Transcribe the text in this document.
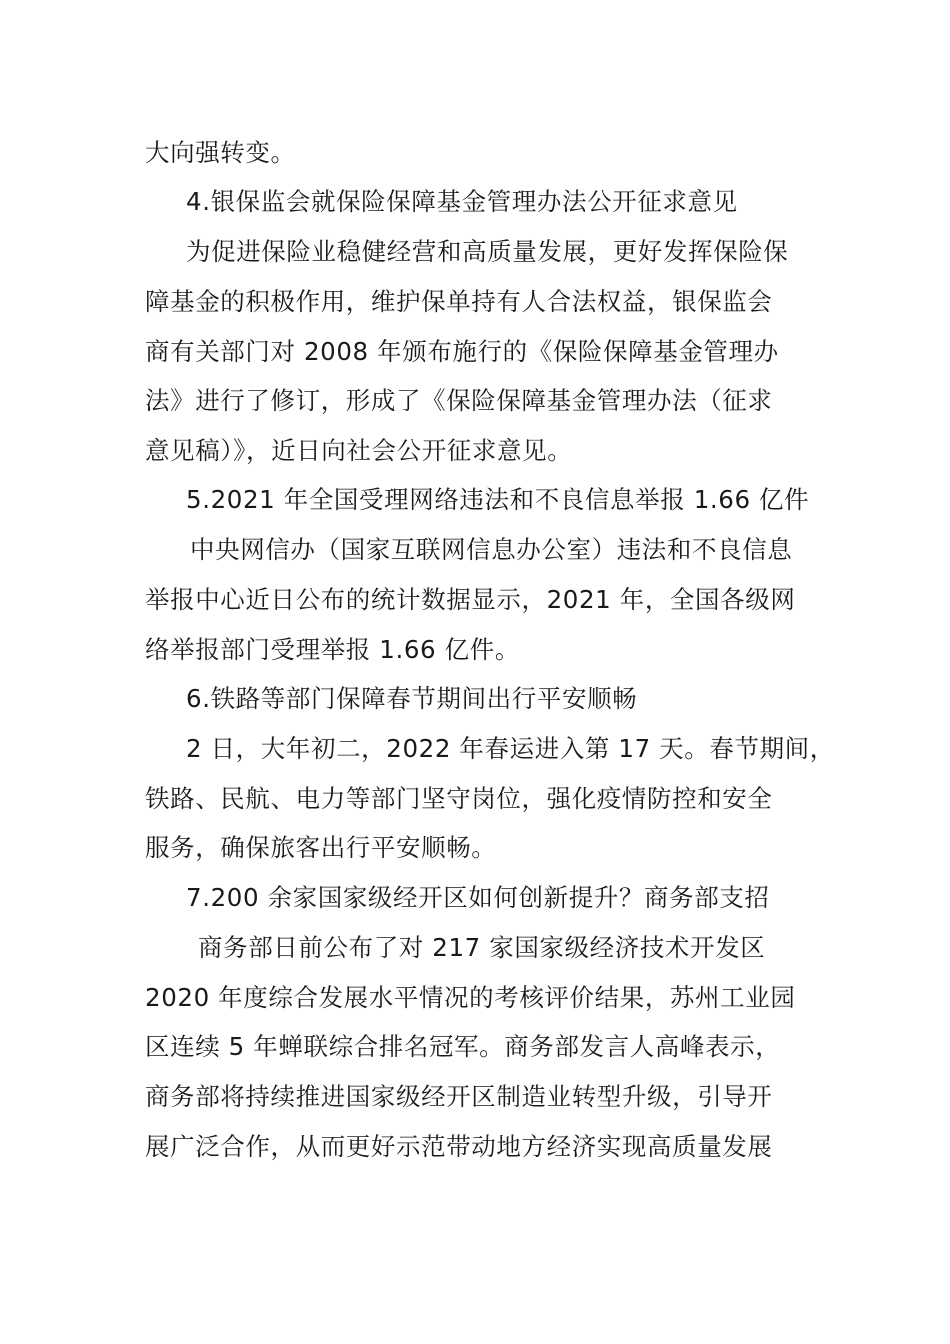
大向强转变。
4.银保监会就保险保障基金管理办法公开征求意见
为促进保险业稳健经营和高质量发展，更好发挥保险保
障基金的积极作用，维护保单持有人合法权益，银保监会
商有关部门对 2008 年颁布施行的《保险保障基金管理办
法》进行了修订，形成了《保险保障基金管理办法（征求
意见稿）》，近日向社会公开征求意见。
5.2021 年全国受理网络违法和不良信息举报 1.66 亿件
中央网信办（国家互联网信息办公室）违法和不良信息
举报中心近日公布的统计数据显示，2021 年，全国各级网
络举报部门受理举报 1.66 亿件。
6.铁路等部门保障春节期间出行平安顺畅
2 日，大年初二，2022 年春运进入第 17 天。春节期间，
铁路、民航、电力等部门坚守岗位，强化疫情防控和安全
服务，确保旅客出行平安顺畅。
7.200 余家国家级经开区如何创新提升？商务部支招
商务部日前公布了对 217 家国家级经济技术开发区
2020 年度综合发展水平情况的考核评价结果，苏州工业园
区连续 5 年蝉联综合排名冠军。商务部发言人高峰表示，
商务部将持续推进国家级经开区制造业转型升级，引导开
展广泛合作，从而更好示范带动地方经济实现高质量发展
